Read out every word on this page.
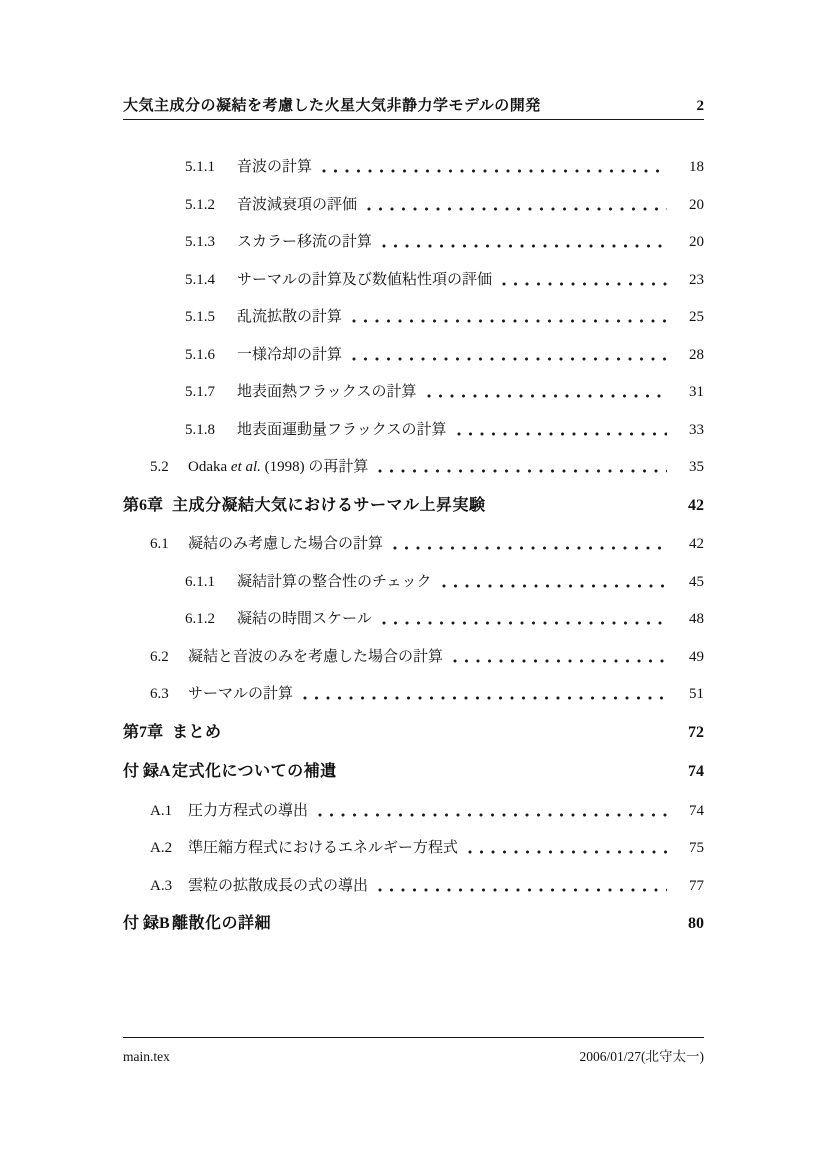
大気主成分の凝結を考慮した火星大気非静力学モデルの開発	2
5.1.1	音波の計算	18
5.1.2	音波減衰項の評価	20
5.1.3	スカラー移流の計算	20
5.1.4	サーマルの計算及び数値粘性項の評価	23
5.1.5	乱流拡散の計算	25
5.1.6	一様冷却の計算	28
5.1.7	地表面熱フラックスの計算	31
5.1.8	地表面運動量フラックスの計算	33
5.2	Odaka et al. (1998) の再計算	35
第6章 主成分凝結大気におけるサーマル上昇実験	42
6.1	凝結のみ考慮した場合の計算	42
6.1.1	凝結計算の整合性のチェック	45
6.1.2	凝結の時間スケール	48
6.2	凝結と音波のみを考慮した場合の計算	49
6.3	サーマルの計算	51
第7章 まとめ	72
付 録A 定式化についての補遺	74
A.1	圧力方程式の導出	74
A.2	準圧縮方程式におけるエネルギー方程式	75
A.3	雲粒の拡散成長の式の導出	77
付 録B 離散化の詳細	80
main.tex	2006/01/27(北守太一)
